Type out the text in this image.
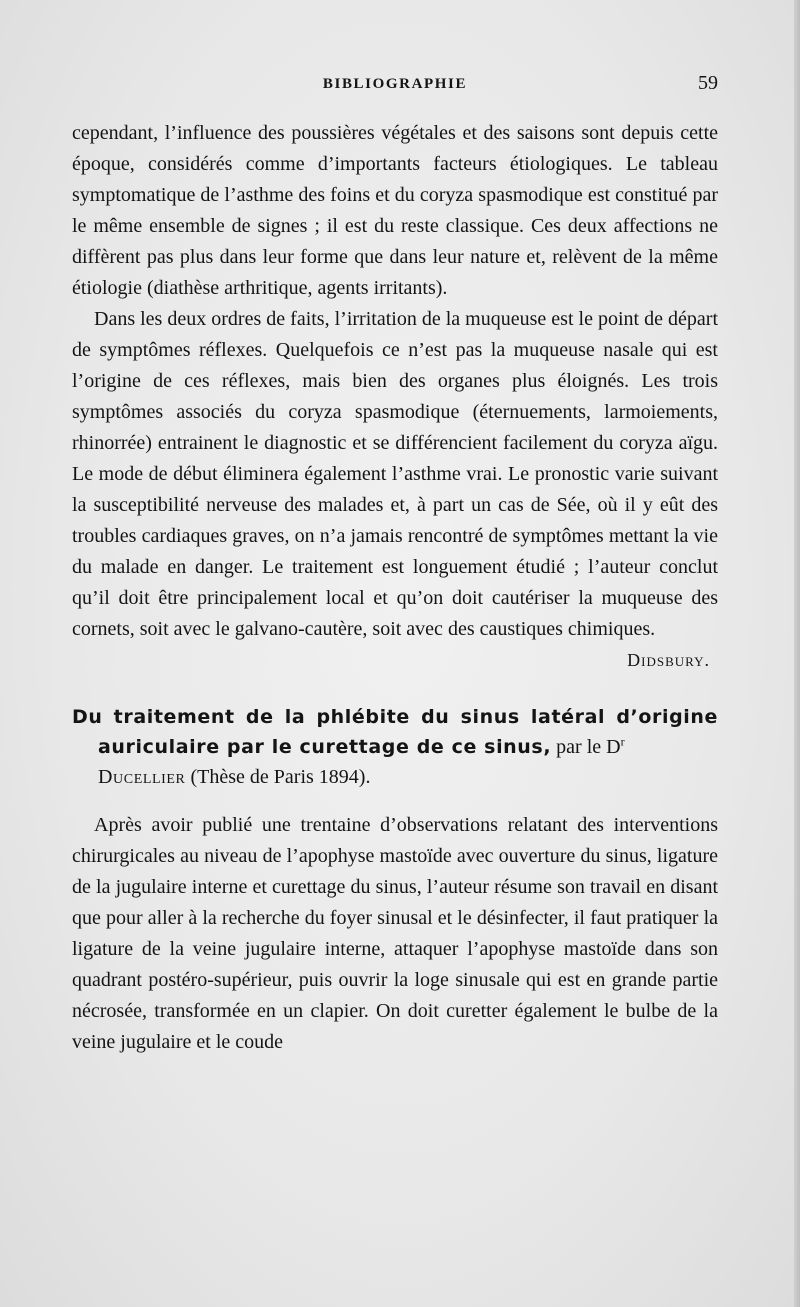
BIBLIOGRAPHIE	59

cependant, l’influence des poussières végétales et des saisons sont depuis cette époque, considérés comme d’importants facteurs étiologiques. Le tableau symptomatique de l’asthme des foins et du coryza spasmodique est constitué par le même ensemble de signes ; il est du reste classique. Ces deux affections ne diffèrent pas plus dans leur forme que dans leur nature et, relèvent de la même étiologie (diathèse arthritique, agents irritants).

Dans les deux ordres de faits, l’irritation de la muqueuse est le point de départ de symptômes réflexes. Quelquefois ce n’est pas la muqueuse nasale qui est l’origine de ces réflexes, mais bien des organes plus éloignés. Les trois symptômes associés du coryza spasmodique (éternuements, larmoiements, rhinorrée) entrainent le diagnostic et se différencient facilement du coryza aïgu. Le mode de début éliminera également l’asthme vrai. Le pronostic varie suivant la susceptibilité nerveuse des malades et, à part un cas de Sée, où il y eût des troubles cardiaques graves, on n’a jamais rencontré de symptômes mettant la vie du malade en danger. Le traitement est longuement étudié ; l’auteur conclut qu’il doit être principalement local et qu’on doit cautériser la muqueuse des cornets, soit avec le galvano-cautère, soit avec des caustiques chimiques.

Didsbury.

Du traitement de la phlébite du sinus latéral d’origine auriculaire par le curettage de ce sinus, par le $D^r$
Ducellier (Thèse de Paris 1894).

Après avoir publié une trentaine d’observations relatant des interventions chirurgicales au niveau de l’apophyse mastoïde avec ouverture du sinus, ligature de la jugulaire interne et curettage du sinus, l’auteur résume son travail en disant que pour aller à la recherche du foyer sinusal et le désinfecter, il faut pratiquer la ligature de la veine jugulaire interne, attaquer l’apophyse mastoïde dans son quadrant postéro-supérieur, puis ouvrir la loge sinusale qui est en grande partie nécrosée, transformée en un clapier. On doit curetter également le bulbe de la veine jugulaire et le coude
